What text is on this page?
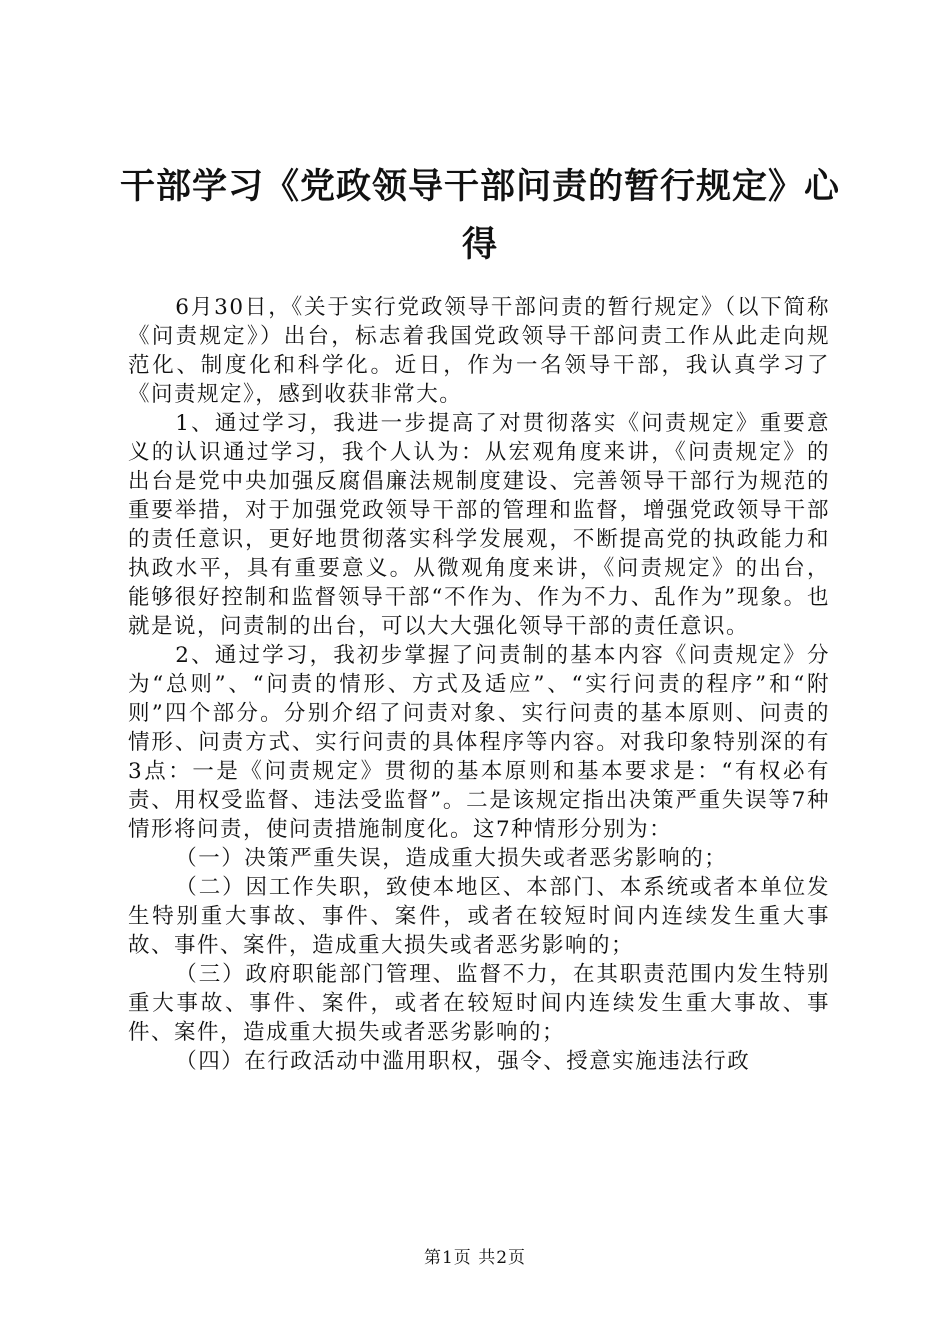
干部学习《党政领导干部问责的暂行规定》心得

6月30日，《关于实行党政领导干部问责的暂行规定》（以下简称《问责规定》）出台，标志着我国党政领导干部问责工作从此走向规范化、制度化和科学化。近日，作为一名领导干部，我认真学习了《问责规定》，感到收获非常大。

1、通过学习，我进一步提高了对贯彻落实《问责规定》重要意义的认识通过学习，我个人认为：从宏观角度来讲，《问责规定》的出台是党中央加强反腐倡廉法规制度建设、完善领导干部行为规范的重要举措，对于加强党政领导干部的管理和监督，增强党政领导干部的责任意识，更好地贯彻落实科学发展观，不断提高党的执政能力和执政水平，具有重要意义。从微观角度来讲，《问责规定》的出台，能够很好控制和监督领导干部“不作为、作为不力、乱作为”现象。也就是说，问责制的出台，可以大大强化领导干部的责任意识。

2、通过学习，我初步掌握了问责制的基本内容《问责规定》分为“总则”、“问责的情形、方式及适应”、“实行问责的程序”和“附则”四个部分。分别介绍了问责对象、实行问责的基本原则、问责的情形、问责方式、实行问责的具体程序等内容。对我印象特别深的有3点：一是《问责规定》贯彻的基本原则和基本要求是：“有权必有责、用权受监督、违法受监督”。二是该规定指出决策严重失误等7种情形将问责，使问责措施制度化。这7种情形分别为：

（一）决策严重失误，造成重大损失或者恶劣影响的；

（二）因工作失职，致使本地区、本部门、本系统或者本单位发生特别重大事故、事件、案件，或者在较短时间内连续发生重大事故、事件、案件，造成重大损失或者恶劣影响的；

（三）政府职能部门管理、监督不力，在其职责范围内发生特别重大事故、事件、案件，或者在较短时间内连续发生重大事故、事件、案件，造成重大损失或者恶劣影响的；

（四）在行政活动中滥用职权，强令、授意实施违法行政

第1页 共2页
